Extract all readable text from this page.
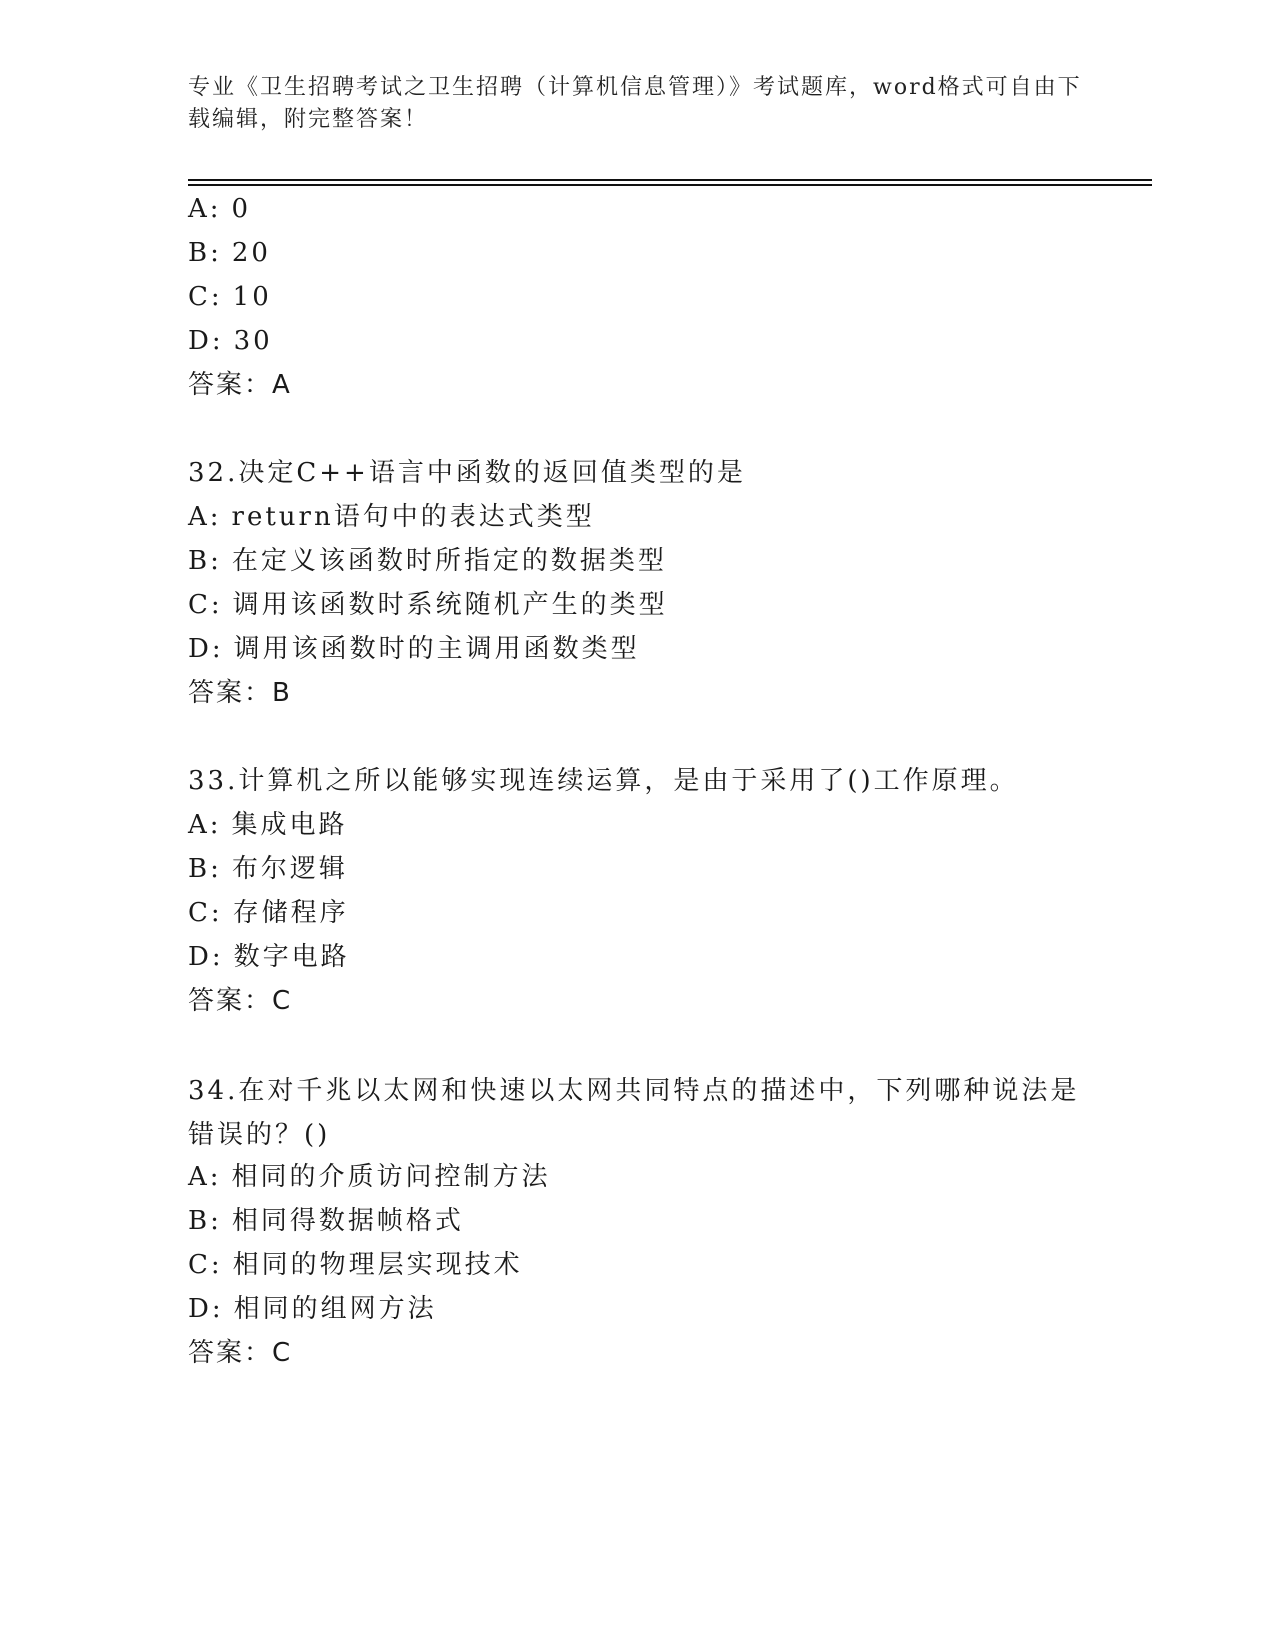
专业《卫生招聘考试之卫生招聘（计算机信息管理）》考试题库，word格式可自由下载编辑，附完整答案！
A: 0
B: 20
C: 10
D: 30
答案：A
32.决定C++语言中函数的返回值类型的是
A: return语句中的表达式类型
B: 在定义该函数时所指定的数据类型
C: 调用该函数时系统随机产生的类型
D: 调用该函数时的主调用函数类型
答案：B
33.计算机之所以能够实现连续运算，是由于采用了()工作原理。
A: 集成电路
B: 布尔逻辑
C: 存储程序
D: 数字电路
答案：C
34.在对千兆以太网和快速以太网共同特点的描述中，下列哪种说法是错误的？()
A: 相同的介质访问控制方法
B: 相同得数据帧格式
C: 相同的物理层实现技术
D: 相同的组网方法
答案：C
